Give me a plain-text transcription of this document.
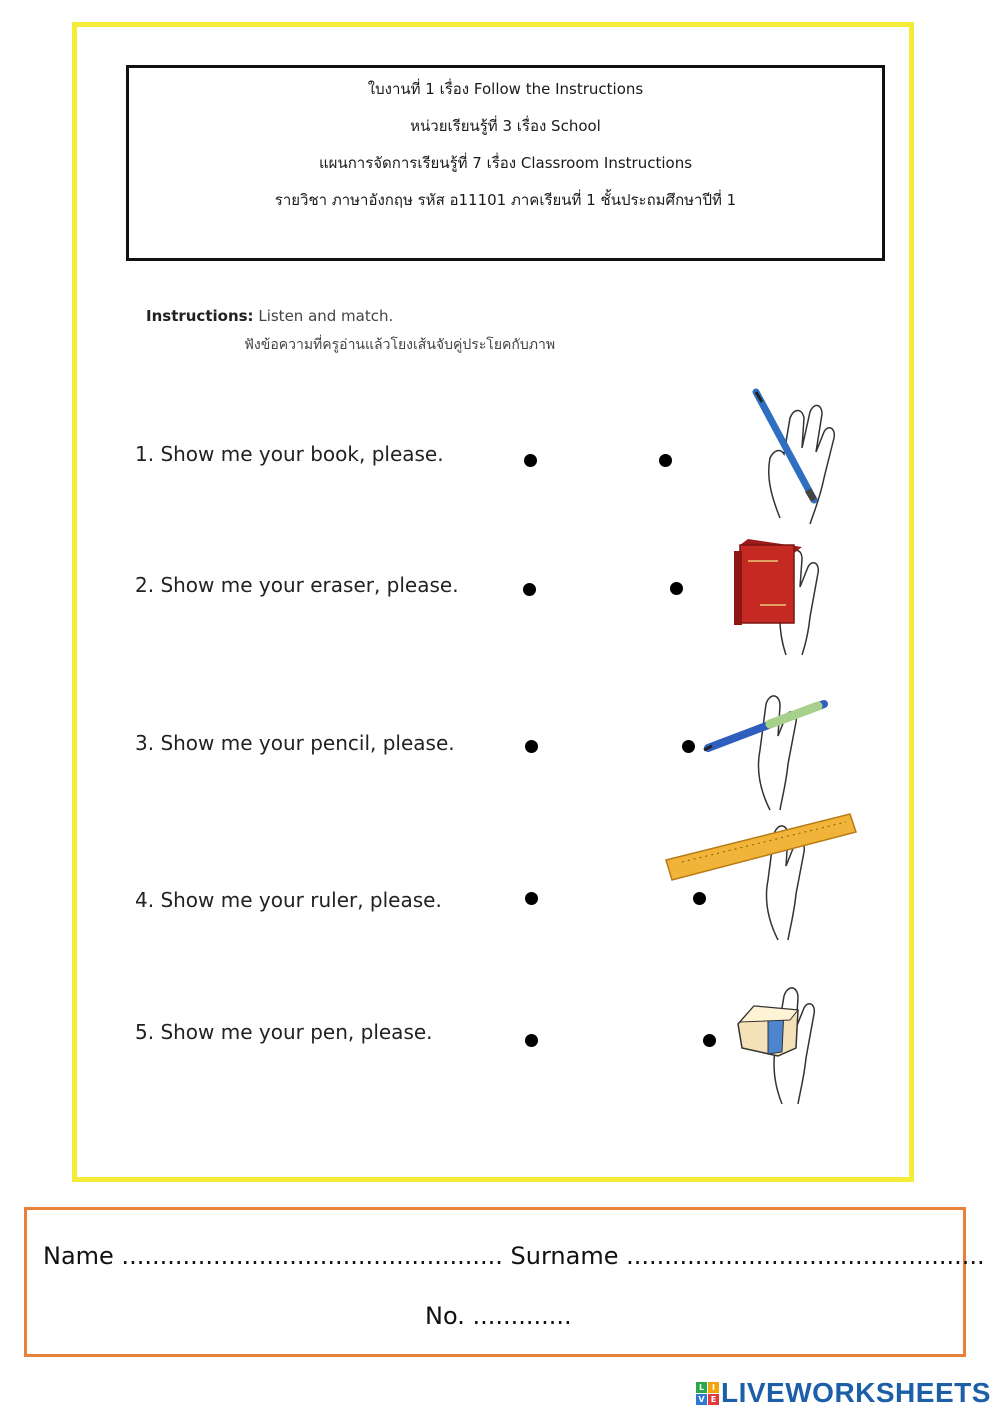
ใบงานที่ 1 เรื่อง Follow the Instructions

หน่วยเรียนรู้ที่ 3 เรื่อง School

แผนการจัดการเรียนรู้ที่ 7 เรื่อง Classroom Instructions

รายวิชา ภาษาอังกฤษ รหัส อ11101 ภาคเรียนที่ 1 ชั้นประถมศึกษาปีที่ 1

Instructions: Listen and match.
ฟังข้อความที่ครูอ่านแล้วโยงเส้นจับคู่ประโยคกับภาพ
1. Show me your book, please.
2. Show me your eraser, please.
3. Show me your pencil, please.
4. Show me your ruler, please.
5. Show me your pen, please.
Name .................................................. Surname ...............................................
No. .............
L I
V E LIVEWORKSHEETS
